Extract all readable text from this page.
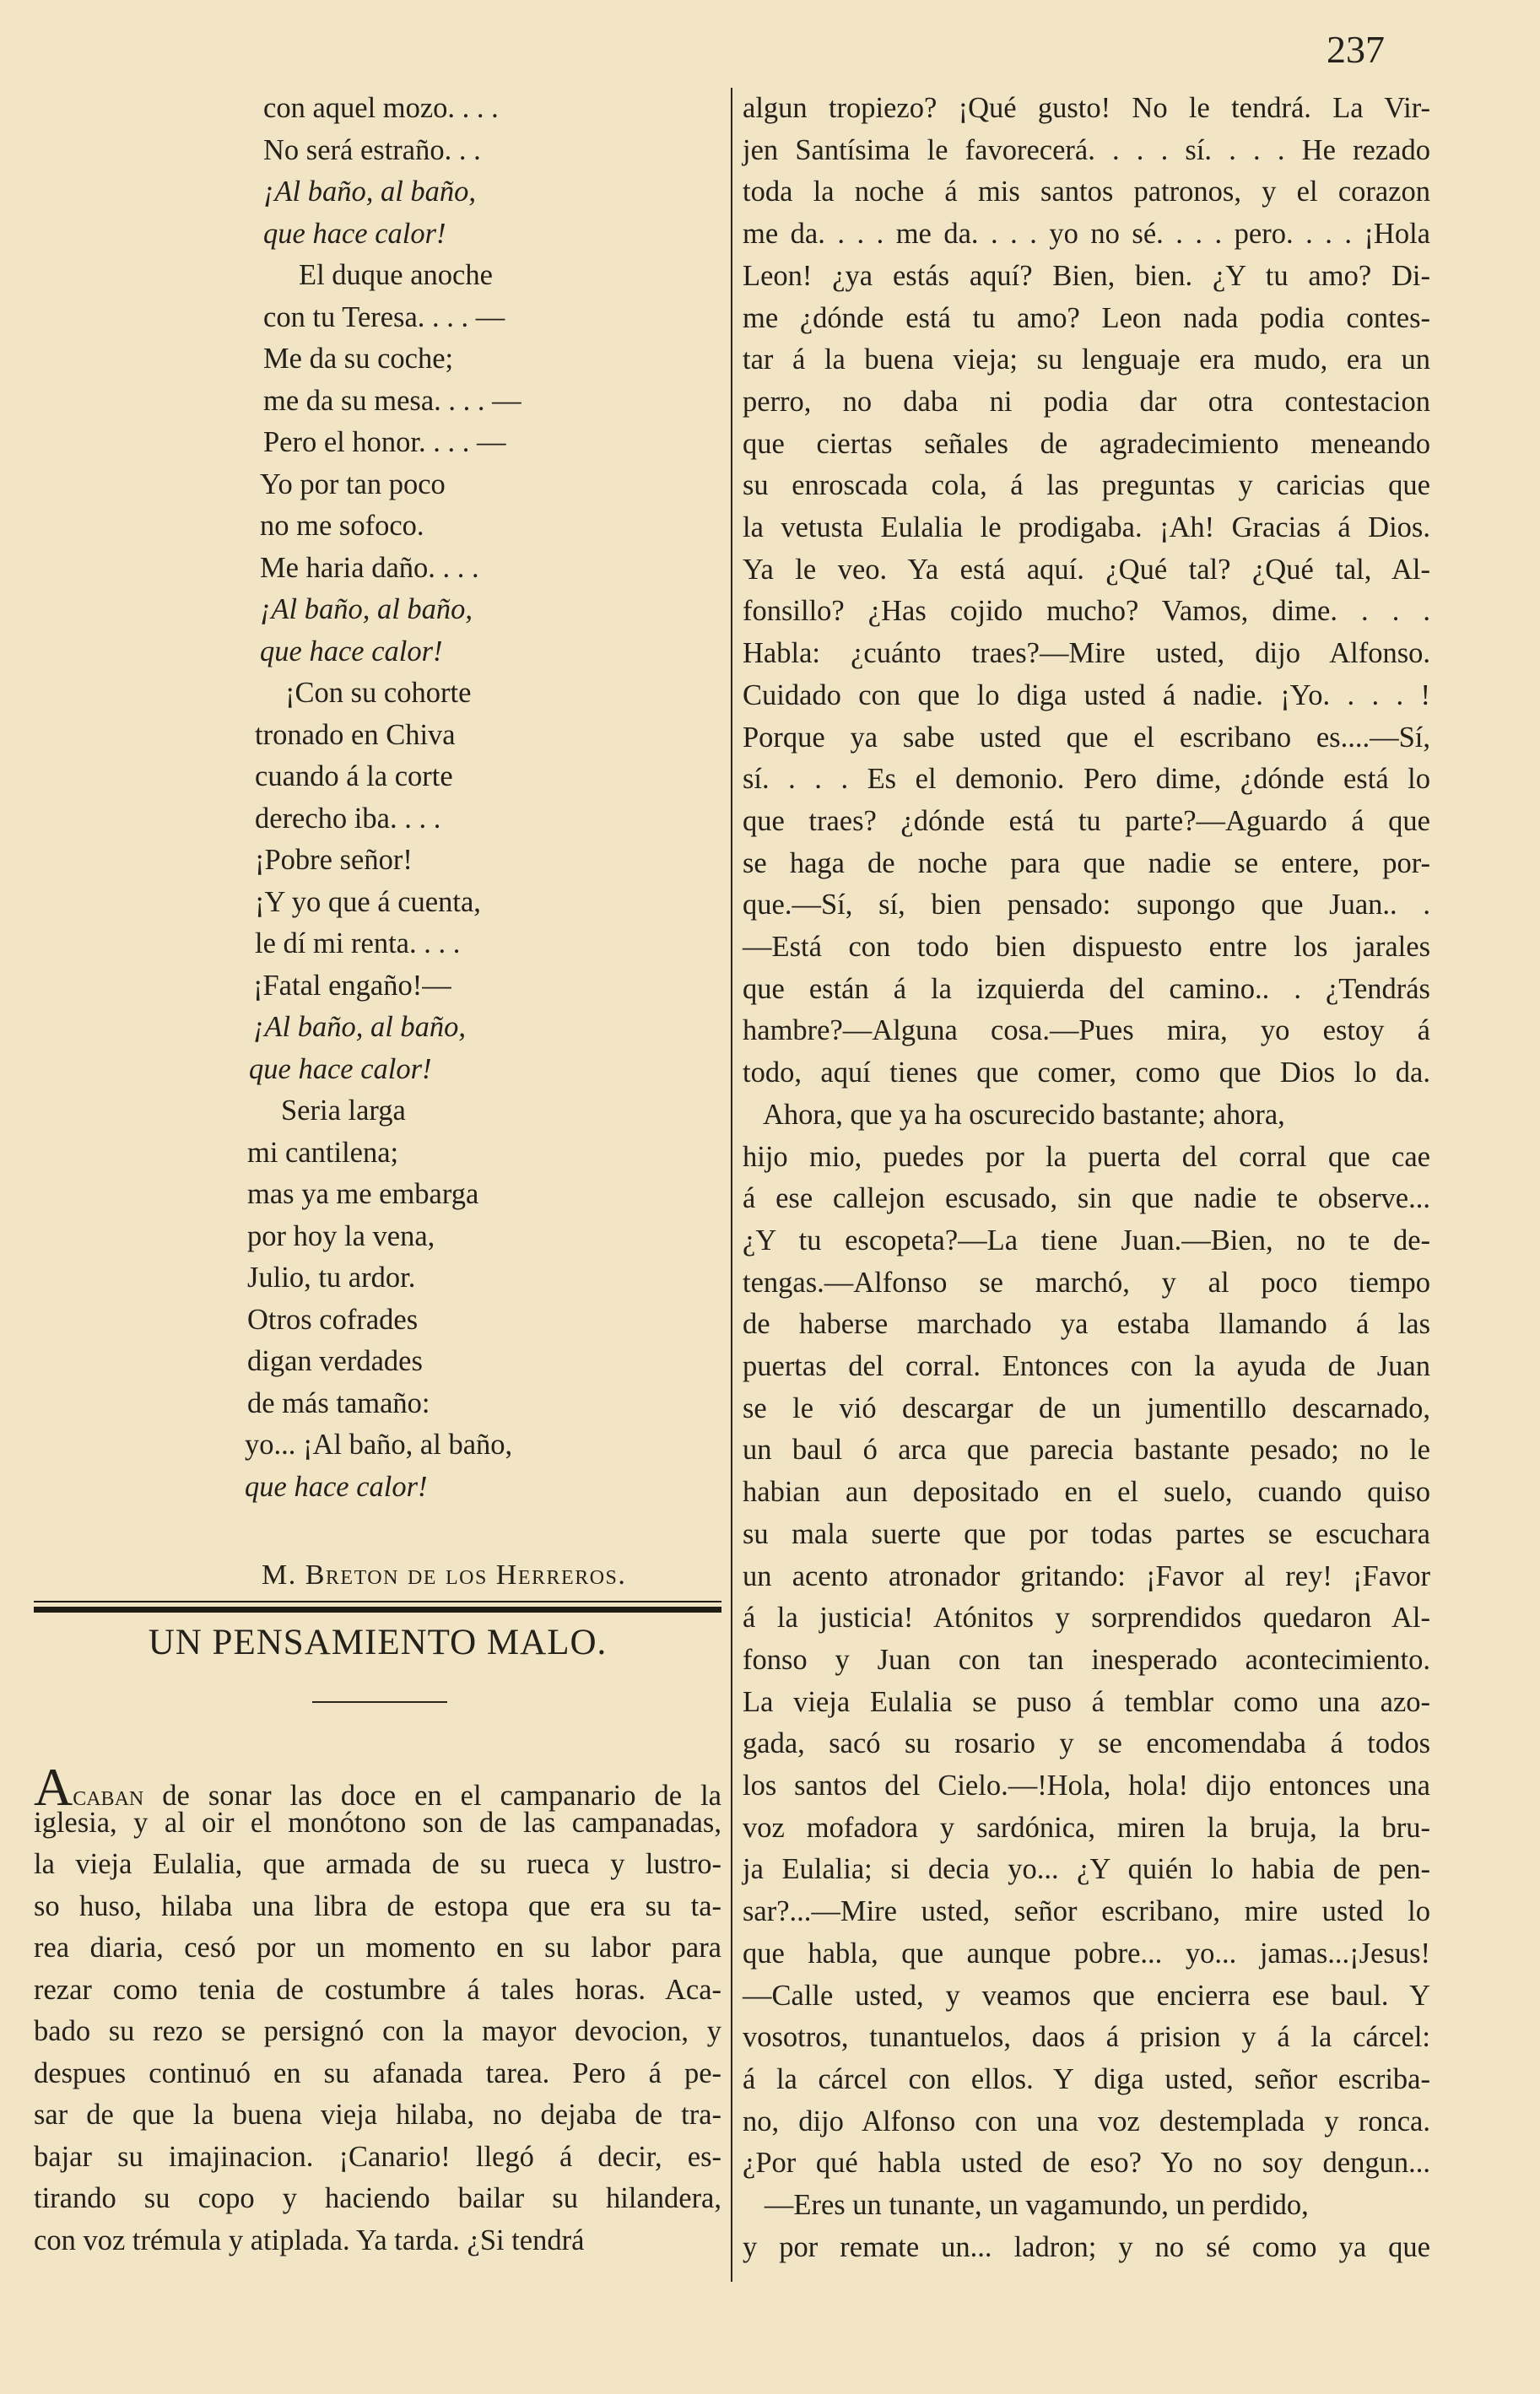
237
con aquel mozo. . . .
No será estraño. . .
¡Al baño, al baño,
que hace calor!
El duque anoche
con tu Teresa. . . . —
Me da su coche;
me da su mesa. . . . —
Pero el honor. . . . —
Yo por tan poco
no me sofoco.
Me haria daño. . . .
¡Al baño, al baño,
que hace calor!
¡Con su cohorte
tronado en Chiva
cuando á la corte
derecho iba. . . .
¡Pobre señor!
¡Y yo que á cuenta,
le dí mi renta. . . .
¡Fatal engaño!—
¡Al baño, al baño,
que hace calor!
Seria larga
mi cantilena;
mas ya me embarga
por hoy la vena,
Julio, tu ardor.
Otros cofrades
digan verdades
de más tamaño:
yo... ¡Al baño, al baño,
que hace calor!
M. Breton de los Herreros.
UN PENSAMIENTO MALO.
Acaban de sonar las doce en el campanario de la
iglesia, y al oir el monótono son de las campanadas,
la vieja Eulalia, que armada de su rueca y lustro-
so huso, hilaba una libra de estopa que era su ta-
rea diaria, cesó por un momento en su labor para
rezar como tenia de costumbre á tales horas. Aca-
bado su rezo se persignó con la mayor devocion, y
despues continuó en su afanada tarea. Pero á pe-
sar de que la buena vieja hilaba, no dejaba de tra-
bajar su imajinacion. ¡Canario! llegó á decir, es-
tirando su copo y haciendo bailar su hilandera,
con voz trémula y atiplada. Ya tarda. ¿Si tendrá
algun tropiezo? ¡Qué gusto! No le tendrá. La Vir-
jen Santísima le favorecerá. . . . sí. . . . He rezado
toda la noche á mis santos patronos, y el corazon
me da. . . . me da. . . . yo no sé. . . . pero. . . . ¡Hola
Leon! ¿ya estás aquí? Bien, bien. ¿Y tu amo? Di-
me ¿dónde está tu amo? Leon nada podia contes-
tar á la buena vieja; su lenguaje era mudo, era un
perro, no daba ni podia dar otra contestacion
que ciertas señales de agradecimiento meneando
su enroscada cola, á las preguntas y caricias que
la vetusta Eulalia le prodigaba. ¡Ah! Gracias á Dios.
Ya le veo. Ya está aquí. ¿Qué tal? ¿Qué tal, Al-
fonsillo? ¿Has cojido mucho? Vamos, dime. . . .
Habla: ¿cuánto traes?—Mire usted, dijo Alfonso.
Cuidado con que lo diga usted á nadie. ¡Yo. . . . !
Porque ya sabe usted que el escribano es....—Sí,
sí. . . . Es el demonio. Pero dime, ¿dónde está lo
que traes? ¿dónde está tu parte?—Aguardo á que
se haga de noche para que nadie se entere, por-
que.—Sí, sí, bien pensado: supongo que Juan.. .
—Está con todo bien dispuesto entre los jarales
que están á la izquierda del camino.. . ¿Tendrás
hambre?—Alguna cosa.—Pues mira, yo estoy á
todo, aquí tienes que comer, como que Dios lo da.
Ahora, que ya ha oscurecido bastante; ahora,
hijo mio, puedes por la puerta del corral que cae
á ese callejon escusado, sin que nadie te observe...
¿Y tu escopeta?—La tiene Juan.—Bien, no te de-
tengas.—Alfonso se marchó, y al poco tiempo
de haberse marchado ya estaba llamando á las
puertas del corral. Entonces con la ayuda de Juan
se le vió descargar de un jumentillo descarnado,
un baul ó arca que parecia bastante pesado; no le
habian aun depositado en el suelo, cuando quiso
su mala suerte que por todas partes se escuchara
un acento atronador gritando: ¡Favor al rey! ¡Favor
á la justicia! Atónitos y sorprendidos quedaron Al-
fonso y Juan con tan inesperado acontecimiento.
La vieja Eulalia se puso á temblar como una azo-
gada, sacó su rosario y se encomendaba á todos
los santos del Cielo.—!Hola, hola! dijo entonces una
voz mofadora y sardónica, miren la bruja, la bru-
ja Eulalia; si decia yo... ¿Y quién lo habia de pen-
sar?...—Mire usted, señor escribano, mire usted lo
que habla, que aunque pobre... yo... jamas...¡Jesus!
—Calle usted, y veamos que encierra ese baul. Y
vosotros, tunantuelos, daos á prision y á la cárcel:
á la cárcel con ellos. Y diga usted, señor escriba-
no, dijo Alfonso con una voz destemplada y ronca.
¿Por qué habla usted de eso? Yo no soy dengun...
—Eres un tunante, un vagamundo, un perdido,
y por remate un... ladron; y no sé como ya que
